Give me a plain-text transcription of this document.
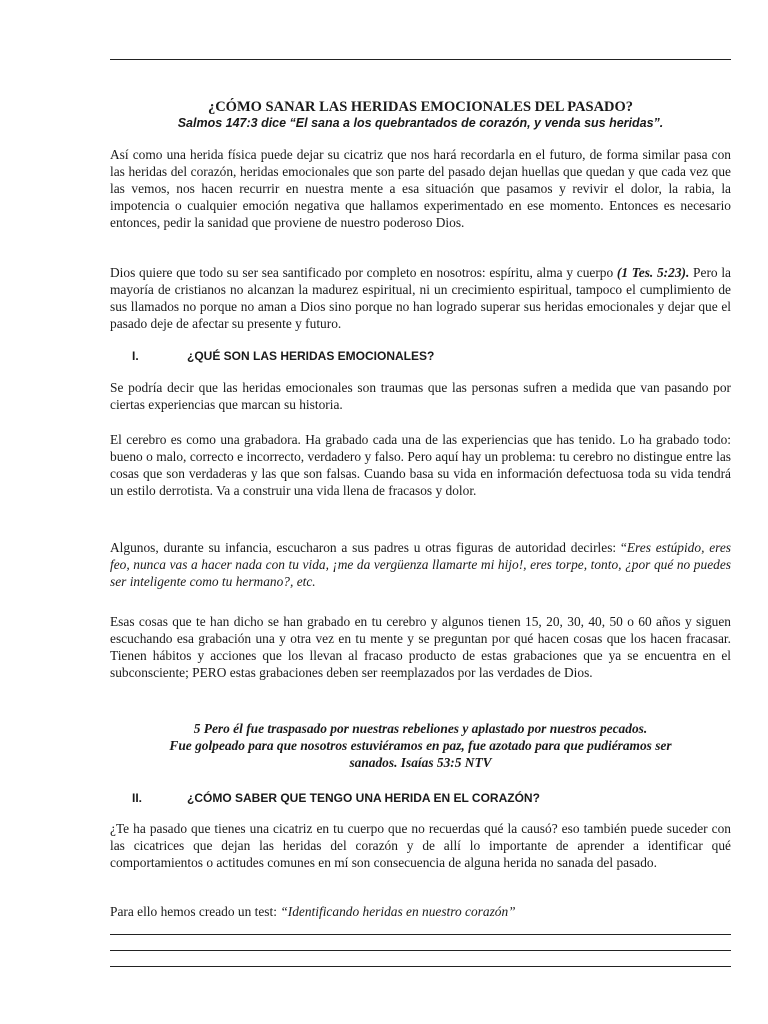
¿CÓMO SANAR LAS HERIDAS EMOCIONALES DEL PASADO?
Salmos 147:3 dice “El sana a los quebrantados de corazón, y venda sus heridas”.

Así como una herida física puede dejar su cicatriz que nos hará recordarla en el futuro, de forma similar pasa con las heridas del corazón, heridas emocionales que son parte del pasado dejan huellas que quedan y que cada vez que las vemos, nos hacen recurrir en nuestra mente a esa situación que pasamos y revivir el dolor, la rabia, la impotencia o cualquier emoción negativa que hallamos experimentado en ese momento. Entonces es necesario entonces, pedir la sanidad que proviene de nuestro poderoso Dios.

Dios quiere que todo su ser sea santificado por completo en nosotros: espíritu, alma y cuerpo (1 Tes. 5:23). Pero la mayoría de cristianos no alcanzan la madurez espiritual, ni un crecimiento espiritual, tampoco el cumplimiento de sus llamados no porque no aman a Dios sino porque no han logrado superar sus heridas emocionales y dejar que el pasado deje de afectar su presente y futuro.

I.	¿QUÉ SON LAS HERIDAS EMOCIONALES?

Se podría decir que las heridas emocionales son traumas que las personas sufren a medida que van pasando por ciertas experiencias que marcan su historia.

El cerebro es como una grabadora. Ha grabado cada una de las experiencias que has tenido. Lo ha grabado todo: bueno o malo, correcto e incorrecto, verdadero y falso. Pero aquí hay un problema: tu cerebro no distingue entre las cosas que son verdaderas y las que son falsas. Cuando basa su vida en información defectuosa toda su vida tendrá un estilo derrotista. Va a construir una vida llena de fracasos y dolor.

Algunos, durante su infancia, escucharon a sus padres u otras figuras de autoridad decirles: “Eres estúpido, eres feo, nunca vas a hacer nada con tu vida, ¡me da vergüenza llamarte mi hijo!, eres torpe, tonto, ¿por qué no puedes ser inteligente como tu hermano?, etc.

Esas cosas que te han dicho se han grabado en tu cerebro y algunos tienen 15, 20, 30, 40, 50 o 60 años y siguen escuchando esa grabación una y otra vez en tu mente y se preguntan por qué hacen cosas que los hacen fracasar. Tienen hábitos y acciones que los llevan al fracaso producto de estas grabaciones que ya se encuentra en el subconsciente; PERO estas grabaciones deben ser reemplazados por las verdades de Dios.

5 Pero él fue traspasado por nuestras rebeliones y aplastado por nuestros pecados.
Fue golpeado para que nosotros estuviéramos en paz, fue azotado para que pudiéramos ser
sanados. Isaías 53:5 NTV
II.	¿CÓMO SABER QUE TENGO UNA HERIDA EN EL CORAZÓN?

¿Te ha pasado que tienes una cicatriz en tu cuerpo que no recuerdas qué la causó? eso también puede suceder con las cicatrices que dejan las heridas del corazón y de allí lo importante de aprender a identificar qué comportamientos o actitudes comunes en mí son consecuencia de alguna herida no sanada del pasado.

Para ello hemos creado un test: “Identificando heridas en nuestro corazón”
